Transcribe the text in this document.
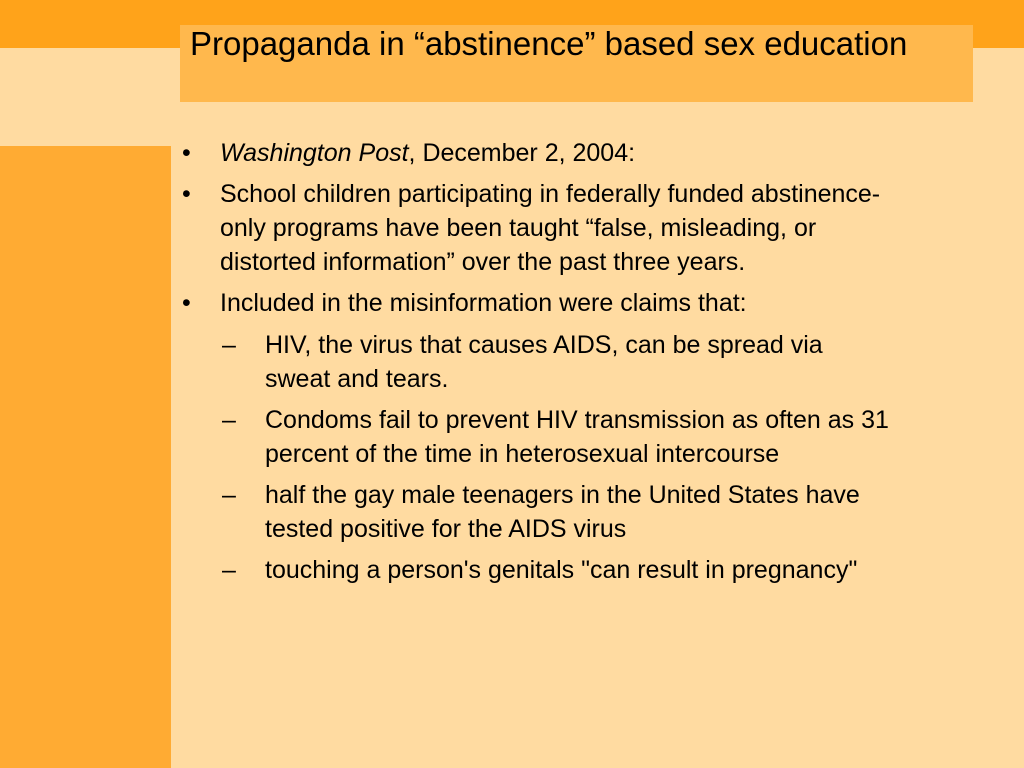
Propaganda in “abstinence” based sex education
• Washington Post, December 2, 2004:
• School children participating in federally funded abstinence-only programs have been taught “false, misleading, or distorted information” over the past three years.
• Included in the misinformation were claims that:
– HIV, the virus that causes AIDS, can be spread via sweat and tears.
– Condoms fail to prevent HIV transmission as often as 31 percent of the time in heterosexual intercourse
– half the gay male teenagers in the United States have tested positive for the AIDS virus
– touching a person's genitals "can result in pregnancy"
